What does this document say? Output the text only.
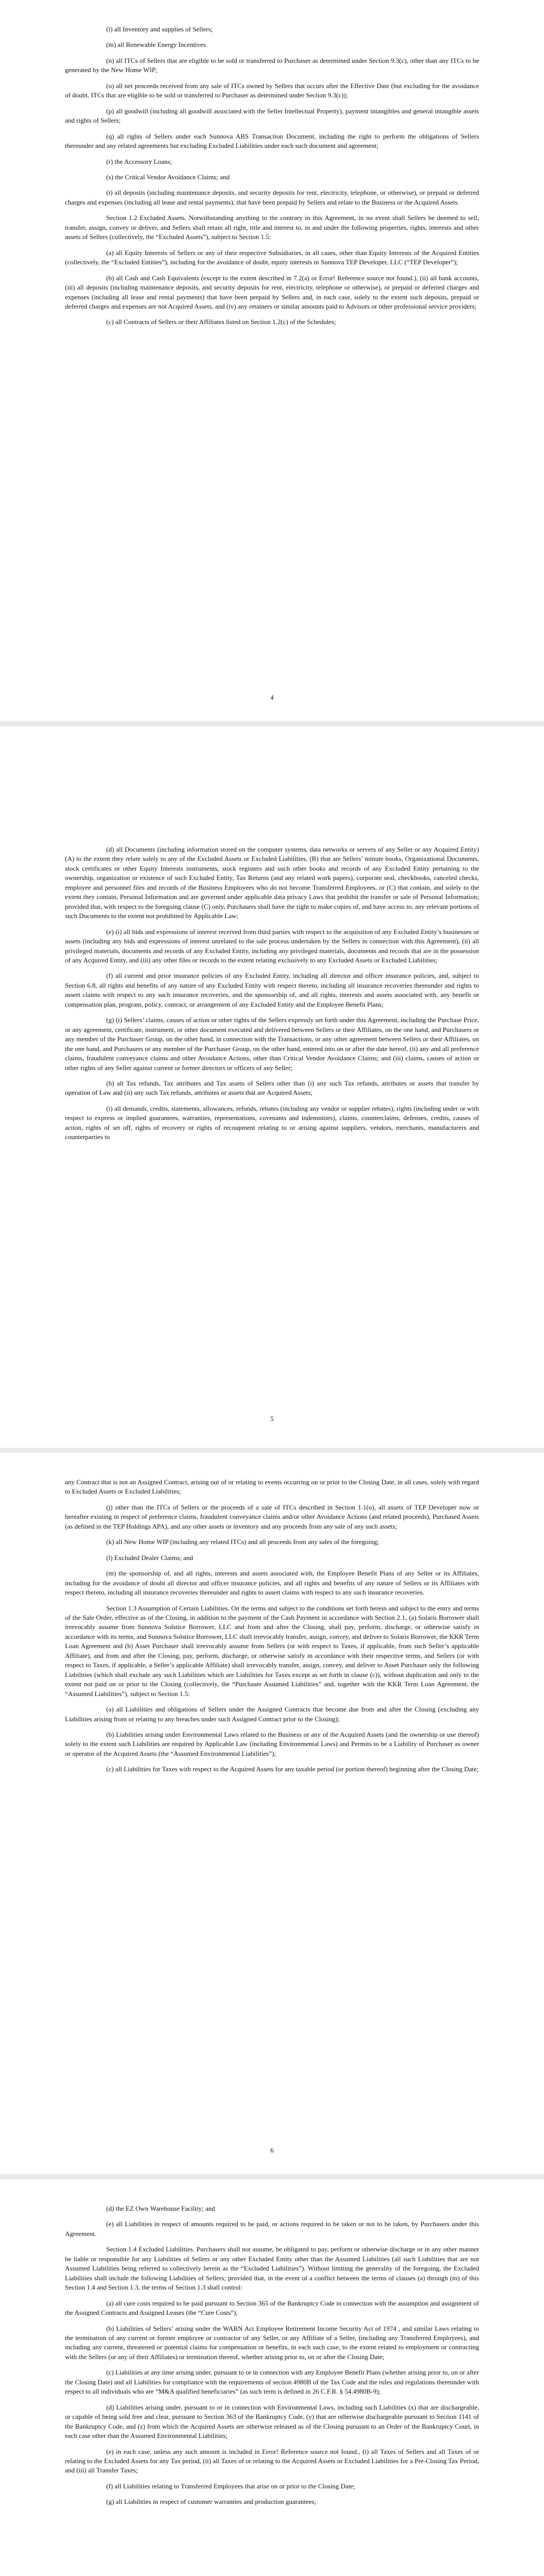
(l) all Inventory and supplies of Sellers;

(m) all Renewable Energy Incentives

(n) all ITCs of Sellers that are eligible to be sold or transferred to Purchaser as determined under Section 9.3(c), other than any ITCs to be generated by the New Home WIP;

(o) all net proceeds received from any sale of ITCs owned by Sellers that occurs after the Effective Date (but excluding for the avoidance of doubt, ITCs that are eligible to be sold or transferred to Purchaser as determined under Section 9.3(c));

(p) all goodwill (including all goodwill associated with the Seller Intellectual Property), payment intangibles and general intangible assets and rights of Sellers;

(q) all rights of Sellers under each Sunnova ABS Transaction Document, including the right to perform the obligations of Sellers thereunder and any related agreements but excluding Excluded Liabilities under each such document and agreement;

(r) the Accessory Loans;

(s) the Critical Vendor Avoidance Claims; and

(t) all deposits (including maintenance deposits, and security deposits for rent, electricity, telephone, or otherwise), or prepaid or deferred charges and expenses (including all lease and rental payments), that have been prepaid by Sellers and relate to the Business or the Acquired Assets.

Section 1.2 Excluded Assets. Notwithstanding anything to the contrary in this Agreement, in no event shall Sellers be deemed to sell, transfer, assign, convey or deliver, and Sellers shall retain all right, title and interest to, in and under the following properties, rights, interests and other assets of Sellers (collectively, the “Excluded Assets”), subject to Section 1.5:

(a) all Equity Interests of Sellers or any of their respective Subsidiaries, in all cases, other than Equity Interests of the Acquired Entities (collectively, the “Excluded Entities”), including for the avoidance of doubt, equity interests in Sunnova TEP Developer, LLC (“TEP Developer”);

(b) all Cash and Cash Equivalents (except to the extent described in 7.2(a) or Error! Reference source not found.), (ii) all bank accounts, (iii) all deposits (including maintenance deposits, and security deposits for rent, electricity, telephone or otherwise), or prepaid or deferred charges and expenses (including all lease and rental payments) that have been prepaid by Sellers and, in each case, solely to the extent such deposits, prepaid or deferred charges and expenses are not Acquired Assets, and (iv) any retainers or similar amounts paid to Advisors or other professional service providers;

(c) all Contracts of Sellers or their Affiliates listed on Section 1.2(c) of the Schedules;

4

(d) all Documents (including information stored on the computer systems, data networks or servers of any Seller or any Acquired Entity) (A) to the extent they relate solely to any of the Excluded Assets or Excluded Liabilities, (B) that are Sellers’ minute books, Organizational Documents, stock certificates or other Equity Interests instruments, stock registers and such other books and records of any Excluded Entity pertaining to the ownership, organization or existence of such Excluded Entity, Tax Returns (and any related work papers), corporate seal, checkbooks, canceled checks, employee and personnel files and records of the Business Employees who do not become Transferred Employees, or (C) that contain, and solely to the extent they contain, Personal Information and are governed under applicable data privacy Laws that prohibit the transfer or sale of Personal Information; provided that, with respect to the foregoing clause (C) only, Purchasers shall have the right to make copies of, and have access to, any relevant portions of such Documents to the extent not prohibited by Applicable Law;

(e) (i) all bids and expressions of interest received from third parties with respect to the acquisition of any Excluded Entity’s businesses or assets (including any bids and expressions of interest unrelated to the sale process undertaken by the Sellers in connection with this Agreement), (ii) all privileged materials, documents and records of any Excluded Entity, including any privileged materials, documents and records that are in the possession of any Acquired Entity, and (iii) any other files or records to the extent relating exclusively to any Excluded Assets or Excluded Liabilities;

(f) all current and prior insurance policies of any Excluded Entity, including all director and officer insurance policies, and, subject to Section 6.8, all rights and benefits of any nature of any Excluded Entity with respect thereto, including all insurance recoveries thereunder and rights to assert claims with respect to any such insurance recoveries, and the sponsorship of, and all rights, interests and assets associated with, any benefit or compensation plan, program, policy, contract, or arrangement of any Excluded Entity and the Employee Benefit Plans;

(g) (i) Sellers’ claims, causes of action or other rights of the Sellers expressly set forth under this Agreement, including the Purchase Price, or any agreement, certificate, instrument, or other document executed and delivered between Sellers or their Affiliates, on the one hand, and Purchasers or any member of the Purchaser Group, on the other hand, in connection with the Transactions, or any other agreement between Sellers or their Affiliates, on the one hand, and Purchasers or any member of the Purchaser Group, on the other hand, entered into on or after the date hereof, (ii) any and all preference claims, fraudulent conveyance claims and other Avoidance Actions, other than Critical Vendor Avoidance Claims; and (iii) claims, causes of action or other rights of any Seller against current or former directors or officers of any Seller;

(h) all Tax refunds, Tax attributes and Tax assets of Sellers other than (i) any such Tax refunds, attributes or assets that transfer by operation of Law and (ii) any such Tax refunds, attributes or assets that are Acquired Assets;

(i) all demands, credits, statements, allowances, refunds, rebates (including any vendor or supplier rebates), rights (including under or with respect to express or implied guarantees, warranties, representations, covenants and indemnities), claims, counterclaims, defenses, credits, causes of action, rights of set off, rights of recovery or rights of recoupment relating to or arising against suppliers, vendors, merchants, manufacturers and counterparties to

5

any Contract that is not an Assigned Contract, arising out of or relating to events occurring on or prior to the Closing Date, in all cases, solely with regard to Excluded Assets or Excluded Liabilities;

(j) other than the ITCs of Sellers or the proceeds of a sale of ITCs described in Section 1.1(o), all assets of TEP Developer now or hereafter existing in respect of preference claims, fraudulent conveyance claims and/or other Avoidance Actions (and related proceeds), Purchased Assets (as defined in the TEP Holdings APA), and any other assets or inventory and any proceeds from any sale of any such assets;

(k) all New Home WIP (including any related ITCs) and all proceeds from any sales of the foregoing;

(l) Excluded Dealer Claims; and

(m) the sponsorship of, and all rights, interests and assets associated with, the Employee Benefit Plans of any Seller or its Affiliates, including for the avoidance of doubt all director and officer insurance policies, and all rights and benefits of any nature of Sellers or its Affiliates with respect thereto, including all insurance recoveries thereunder and rights to assert claims with respect to any such insurance recoveries.

Section 1.3 Assumption of Certain Liabilities. On the terms and subject to the conditions set forth herein and subject to the entry and terms of the Sale Order, effective as of the Closing, in addition to the payment of the Cash Payment in accordance with Section 2.1, (a) Solaris Borrower shall irrevocably assume from Sunnova Solstice Borrower, LLC and from and after the Closing, shall pay, perform, discharge, or otherwise satisfy in accordance with its terms, and Sunnova Solstice Borrower, LLC shall irrevocably transfer, assign, convey, and deliver to Solaris Borrower, the KKR Term Loan Agreement and (b) Asset Purchaser shall irrevocably assume from Sellers (or with respect to Taxes, if applicable, from such Seller’s applicable Affiliate), and from and after the Closing, pay, perform, discharge, or otherwise satisfy in accordance with their respective terms, and Sellers (or with respect to Taxes, if applicable, a Seller’s applicable Affiliate) shall irrevocably transfer, assign, convey, and deliver to Asset Purchaser only the following Liabilities (which shall exclude any such Liabilities which are Liabilities for Taxes except as set forth in clause (c)), without duplication and only to the extent not paid on or prior to the Closing (collectively, the “Purchaser Assumed Liabilities” and, together with the KKR Term Loan Agreement, the “Assumed Liabilities”), subject to Section 1.5:

(a) all Liabilities and obligations of Sellers under the Assigned Contracts that become due from and after the Closing (excluding any Liabilities arising from or relating to any breaches under such Assigned Contract prior to the Closing);

(b) Liabilities arising under Environmental Laws related to the Business or any of the Acquired Assets (and the ownership or use thereof) solely to the extent such Liabilities are required by Applicable Law (including Environmental Laws) and Permits to be a Liability of Purchaser as owner or operator of the Acquired Assets (the “Assumed Environmental Liabilities”);

(c) all Liabilities for Taxes with respect to the Acquired Assets for any taxable period (or portion thereof) beginning after the Closing Date;

6

(d) the EZ Own Warehouse Facility; and

(e) all Liabilities in respect of amounts required to be paid, or actions required to be taken or not to be taken, by Purchasers under this Agreement.

Section 1.4 Excluded Liabilities. Purchasers shall not assume, be obligated to pay, perform or otherwise discharge or in any other manner be liable or responsible for any Liabilities of Sellers or any other Excluded Entity other than the Assumed Liabilities (all such Liabilities that are not Assumed Liabilities being referred to collectively herein as the “Excluded Liabilities”). Without limiting the generality of the foregoing, the Excluded Liabilities shall include the following Liabilities of Sellers; provided that, in the event of a conflict between the terms of clauses (a) through (m) of this Section 1.4 and Section 1.3, the terms of Section 1.3 shall control:

(a) all cure costs required to be paid pursuant to Section 365 of the Bankruptcy Code in connection with the assumption and assignment of the Assigned Contracts and Assigned Leases (the “Cure Costs”);

(b) Liabilities of Sellers’ arising under the WARN Act Employee Retirement Income Security Act of 1974 , and similar Laws relating to the termination of any current or former employee or contractor of any Seller, or any Affiliate of a Seller, (including any Transferred Employees), and including any current, threatened or potential claims for compensation or benefits, in each such case, to the extent related to employment or contracting with the Sellers (or any of their Affiliates) or termination thereof, whether arising prior to, on or after the Closing Date;

(c) Liabilities at any time arising under, pursuant to or in connection with any Employee Benefit Plans (whether arising prior to, on or after the Closing Date) and all Liabilities for compliance with the requirements of section 4980B of the Tax Code and the rules and regulations thereunder with respect to all individuals who are “M&A qualified beneficiaries” (as such term is defined in 26 C.F.R. § 54.4980B-9);

(d) Liabilities arising under, pursuant to or in connection with Environmental Laws, including such Liabilities (x) that are dischargeable, or capable of being sold free and clear, pursuant to Section 363 of the Bankruptcy Code, (y) that are otherwise dischargeable pursuant to Section 1141 of the Bankruptcy Code, and (z) from which the Acquired Assets are otherwise released as of the Closing pursuant to an Order of the Bankruptcy Court, in each case other than the Assumed Environmental Liabilities;

(e) in each case, unless any such amount is included in Error! Reference source not found., (i) all Taxes of Sellers and all Taxes of or relating to the Excluded Assets for any Tax period, (ii) all Taxes of or relating to the Acquired Assets or Excluded Liabilities for a Pre-Closing Tax Period, and (iii) all Transfer Taxes;

(f) all Liabilities relating to Transferred Employees that arise on or prior to the Closing Date;

(g) all Liabilities in respect of customer warranties and production guarantees;
